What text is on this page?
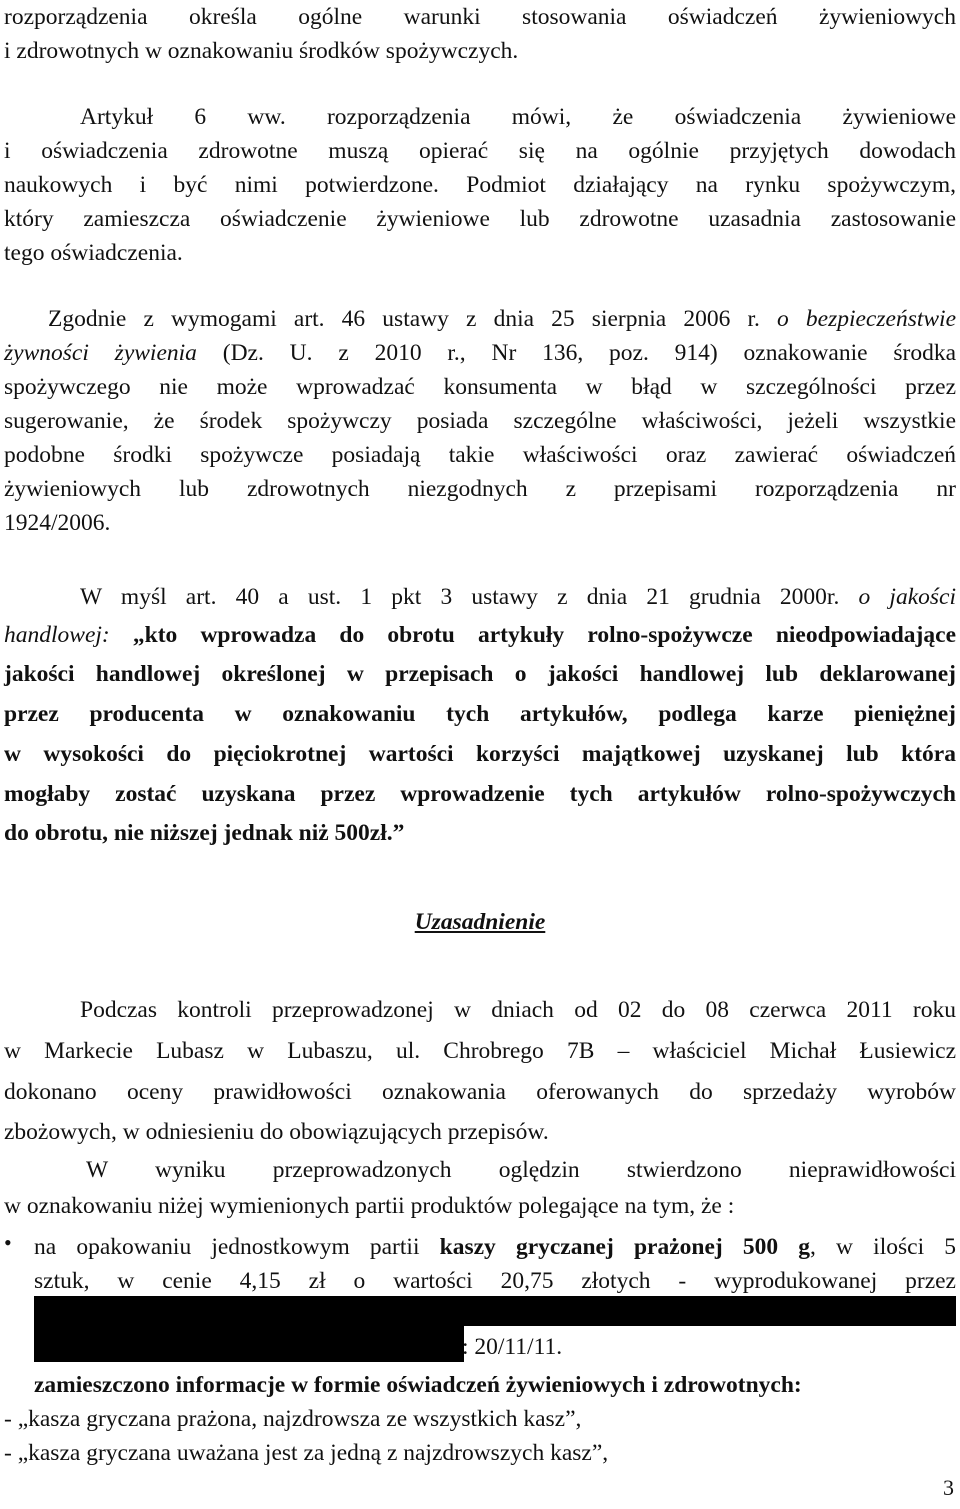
rozporządzenia określa ogólne warunki stosowania oświadczeń żywieniowych
i zdrowotnych w oznakowaniu środków spożywczych.
Artykuł 6 ww. rozporządzenia mówi, że oświadczenia żywieniowe
i oświadczenia zdrowotne muszą opierać się na ogólnie przyjętych dowodach
naukowych i być nimi potwierdzone. Podmiot działający na rynku spożywczym,
który zamieszcza oświadczenie żywieniowe lub zdrowotne uzasadnia zastosowanie
tego oświadczenia.
Zgodnie z wymogami art. 46 ustawy z dnia 25 sierpnia 2006 r. o bezpieczeństwie
żywności żywienia (Dz. U. z 2010 r., Nr 136, poz. 914) oznakowanie środka
spożywczego nie może wprowadzać konsumenta w błąd w szczególności przez
sugerowanie, że środek spożywczy posiada szczególne właściwości, jeżeli wszystkie
podobne środki spożywcze posiadają takie właściwości oraz zawierać oświadczeń
żywieniowych lub zdrowotnych niezgodnych z przepisami rozporządzenia nr
1924/2006.
W myśl art. 40 a ust. 1 pkt 3 ustawy z dnia 21 grudnia 2000r. o jakości
handlowej: „kto wprowadza do obrotu artykuły rolno-spożywcze nieodpowiadające
jakości handlowej określonej w przepisach o jakości handlowej lub deklarowanej
przez producenta w oznakowaniu tych artykułów, podlega karze pieniężnej
w wysokości do pięciokrotnej wartości korzyści majątkowej uzyskanej lub która
mogłaby zostać uzyskana przez wprowadzenie tych artykułów rolno-spożywczych
do obrotu, nie niższej jednak niż 500zł.”
Uzasadnienie
Podczas kontroli przeprowadzonej w dniach od 02 do 08 czerwca 2011 roku
w Markecie Lubasz w Lubaszu, ul. Chrobrego 7B – właściciel Michał Łusiewicz
dokonano oceny prawidłowości oznakowania oferowanych do sprzedaży wyrobów
zbożowych, w odniesieniu do obowiązujących przepisów.
W wyniku przeprowadzonych oględzin stwierdzono nieprawidłowości
w oznakowaniu niżej wymienionych partii produktów polegające na tym, że :
• na opakowaniu jednostkowym partii kaszy gryczanej prażonej 500 g, w ilości 5
sztuk, w cenie 4,15 zł o wartości 20,75 złotych - wyprodukowanej przez
: 20/11/11.
zamieszczono informacje w formie oświadczeń żywieniowych i zdrowotnych:
- „kasza gryczana prażona, najzdrowsza ze wszystkich kasz”,
- „kasza gryczana uważana jest za jedną z najzdrowszych kasz”,
3
